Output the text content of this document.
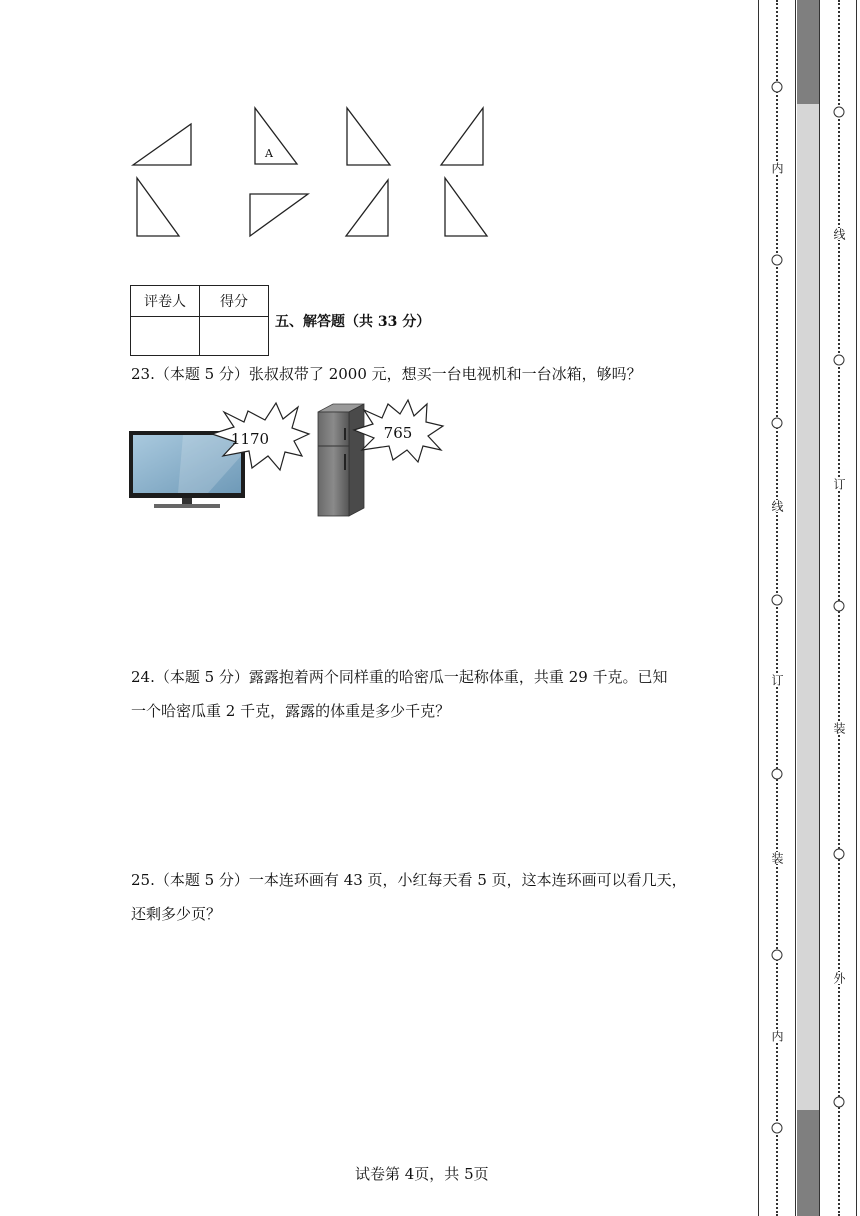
A
评卷人	得分

五、解答题（共 33 分）
23.（本题 5 分）张叔叔带了 2000 元，想买一台电视机和一台冰箱，够吗？
1170	765
24.（本题 5 分）露露抱着两个同样重的哈密瓜一起称体重，共重 29 千克。已知
一个哈密瓜重 2 千克，露露的体重是多少千克？
25.（本题 5 分）一本连环画有 43 页，小红每天看 5 页，这本连环画可以看几天，
还剩多少页？
试卷第 4页，共 5页
内
线
订
装
内
线
订
装
外
